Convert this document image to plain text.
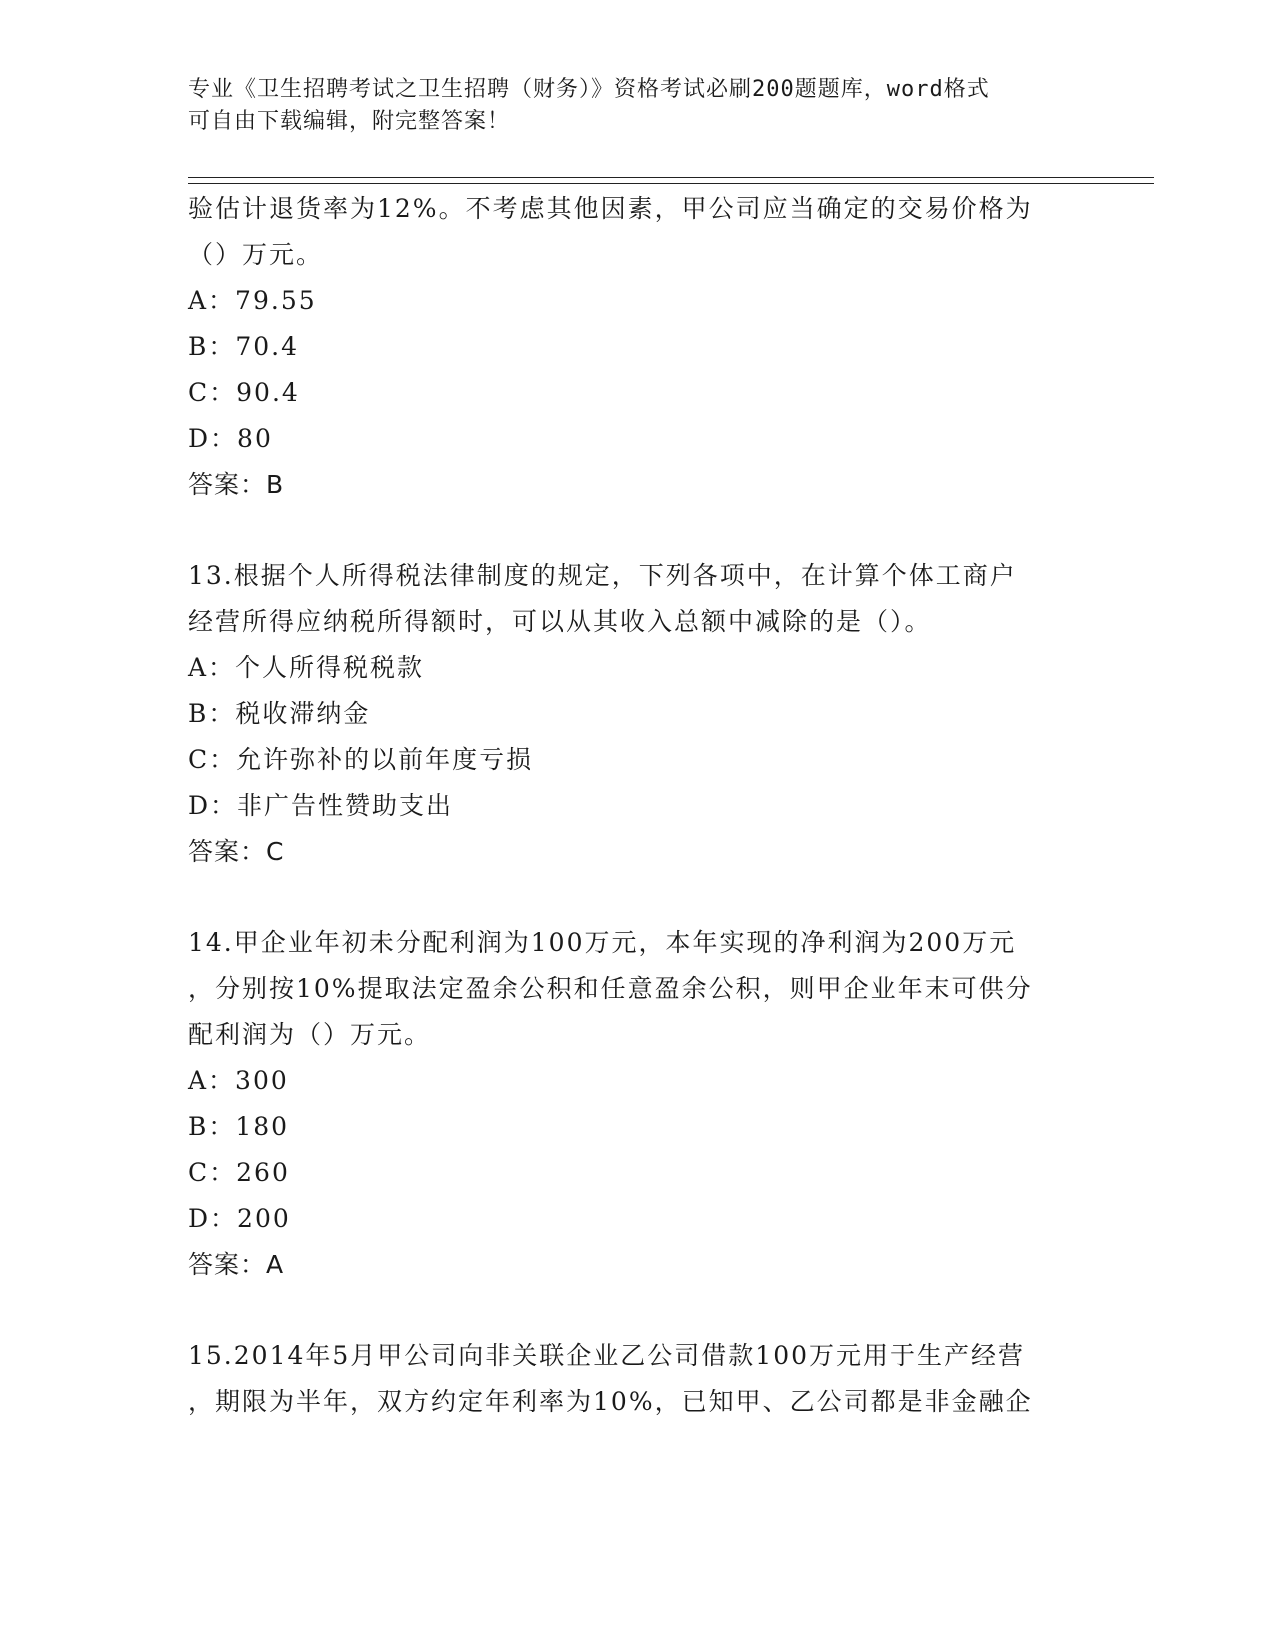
专业《卫生招聘考试之卫生招聘（财务）》资格考试必刷200题题库，word格式
可自由下载编辑，附完整答案！
验估计退货率为12%。不考虑其他因素，甲公司应当确定的交易价格为
（）万元。
A：79.55
B：70.4
C：90.4
D：80
答案：B
13.根据个人所得税法律制度的规定，下列各项中，在计算个体工商户
经营所得应纳税所得额时，可以从其收入总额中减除的是（）。
A：个人所得税税款
B：税收滞纳金
C：允许弥补的以前年度亏损
D：非广告性赞助支出
答案：C
14.甲企业年初未分配利润为100万元，本年实现的净利润为200万元
，分别按10%提取法定盈余公积和任意盈余公积，则甲企业年末可供分
配利润为（）万元。
A：300
B：180
C：260
D：200
答案：A
15.2014年5月甲公司向非关联企业乙公司借款100万元用于生产经营
，期限为半年，双方约定年利率为10%，已知甲、乙公司都是非金融企
